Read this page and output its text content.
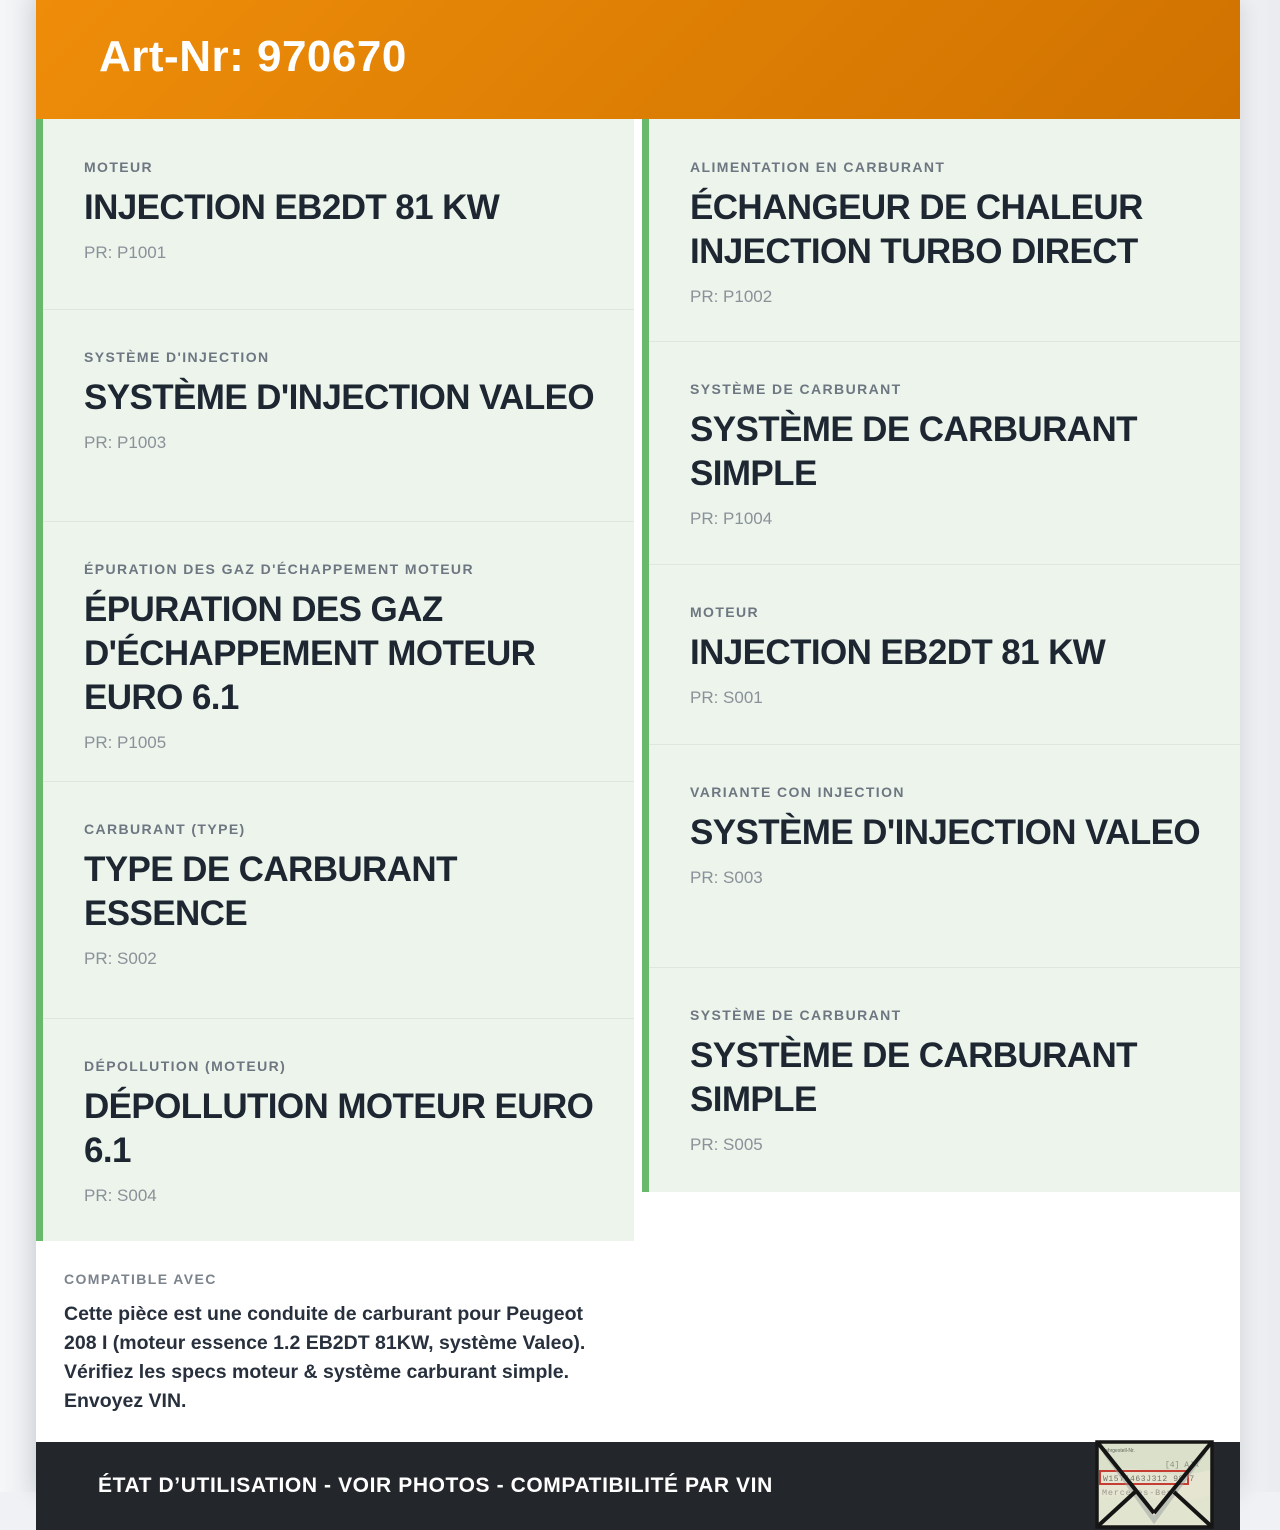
Art-Nr: 970670
MOTEUR
INJECTION EB2DT 81 KW
PR: P1001
SYSTÈME D'INJECTION
SYSTÈME D'INJECTION VALEO
PR: P1003
ÉPURATION DES GAZ D'ÉCHAPPEMENT MOTEUR
ÉPURATION DES GAZ D'ÉCHAPPEMENT MOTEUR EURO 6.1
PR: P1005
CARBURANT (TYPE)
TYPE DE CARBURANT ESSENCE
PR: S002
DÉPOLLUTION (MOTEUR)
DÉPOLLUTION MOTEUR EURO 6.1
PR: S004
COMPATIBLE AVEC
Cette pièce est une conduite de carburant pour Peugeot 208 I (moteur essence 1.2 EB2DT 81KW, système Valeo). Vérifiez les specs moteur & système carburant simple. Envoyez VIN.
ALIMENTATION EN CARBURANT
ÉCHANGEUR DE CHALEUR INJECTION TURBO DIRECT
PR: P1002
SYSTÈME DE CARBURANT
SYSTÈME DE CARBURANT SIMPLE
PR: P1004
MOTEUR
INJECTION EB2DT 81 KW
PR: S001
VARIANTE CON INJECTION
SYSTÈME D'INJECTION VALEO
PR: S003
SYSTÈME DE CARBURANT
SYSTÈME DE CARBURANT SIMPLE
PR: S005
ÉTAT D’UTILISATION - VOIR PHOTOS - COMPATIBILITÉ PAR VIN
Fahrgestell-Nr.
[4] AJA
W1571463J312 98 7
Mercedes-Benz
